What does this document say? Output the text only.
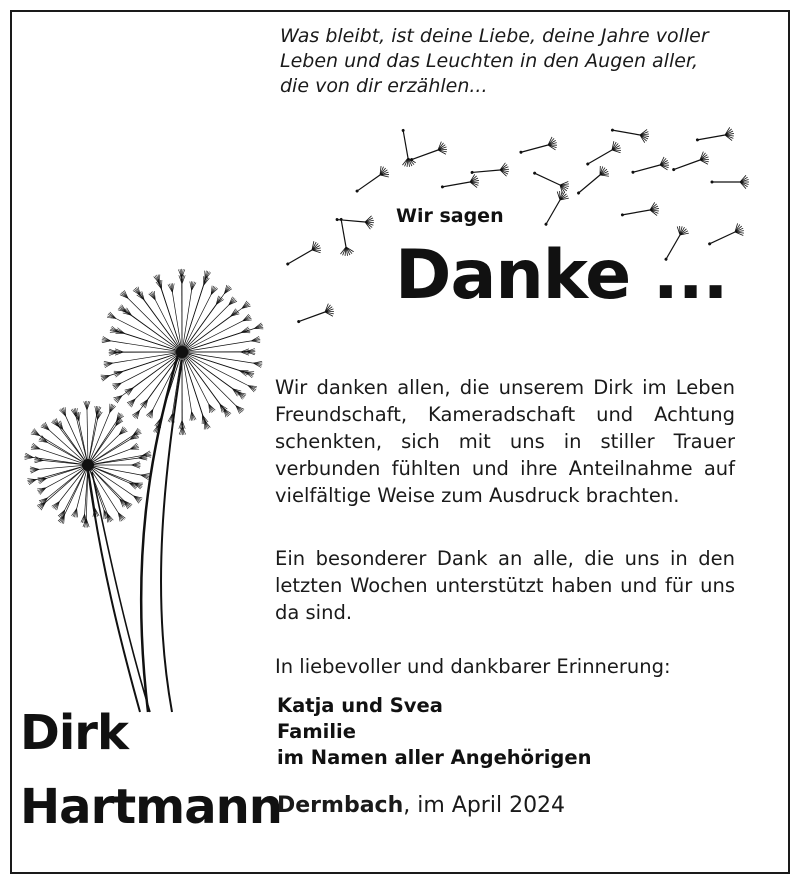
Was bleibt, ist deine Liebe, deine Jahre voller
Leben und das Leuchten in den Augen aller,
die von dir erzählen...
Wir sagen
Danke ...
Wir danken allen, die unserem Dirk im Leben Freundschaft, Kameradschaft und Achtung schenkten, sich mit uns in stiller Trauer verbunden fühlten und ihre Anteilnahme auf vielfältige Weise zum Ausdruck brachten.
Ein besonderer Dank an alle, die uns in den letzten Wochen unterstützt haben und für uns da sind.
In liebevoller und dankbarer Erinnerung:
Katja und Svea
Familie
im Namen aller Angehörigen
Dermbach, im April 2024
Dirk
Hartmann
